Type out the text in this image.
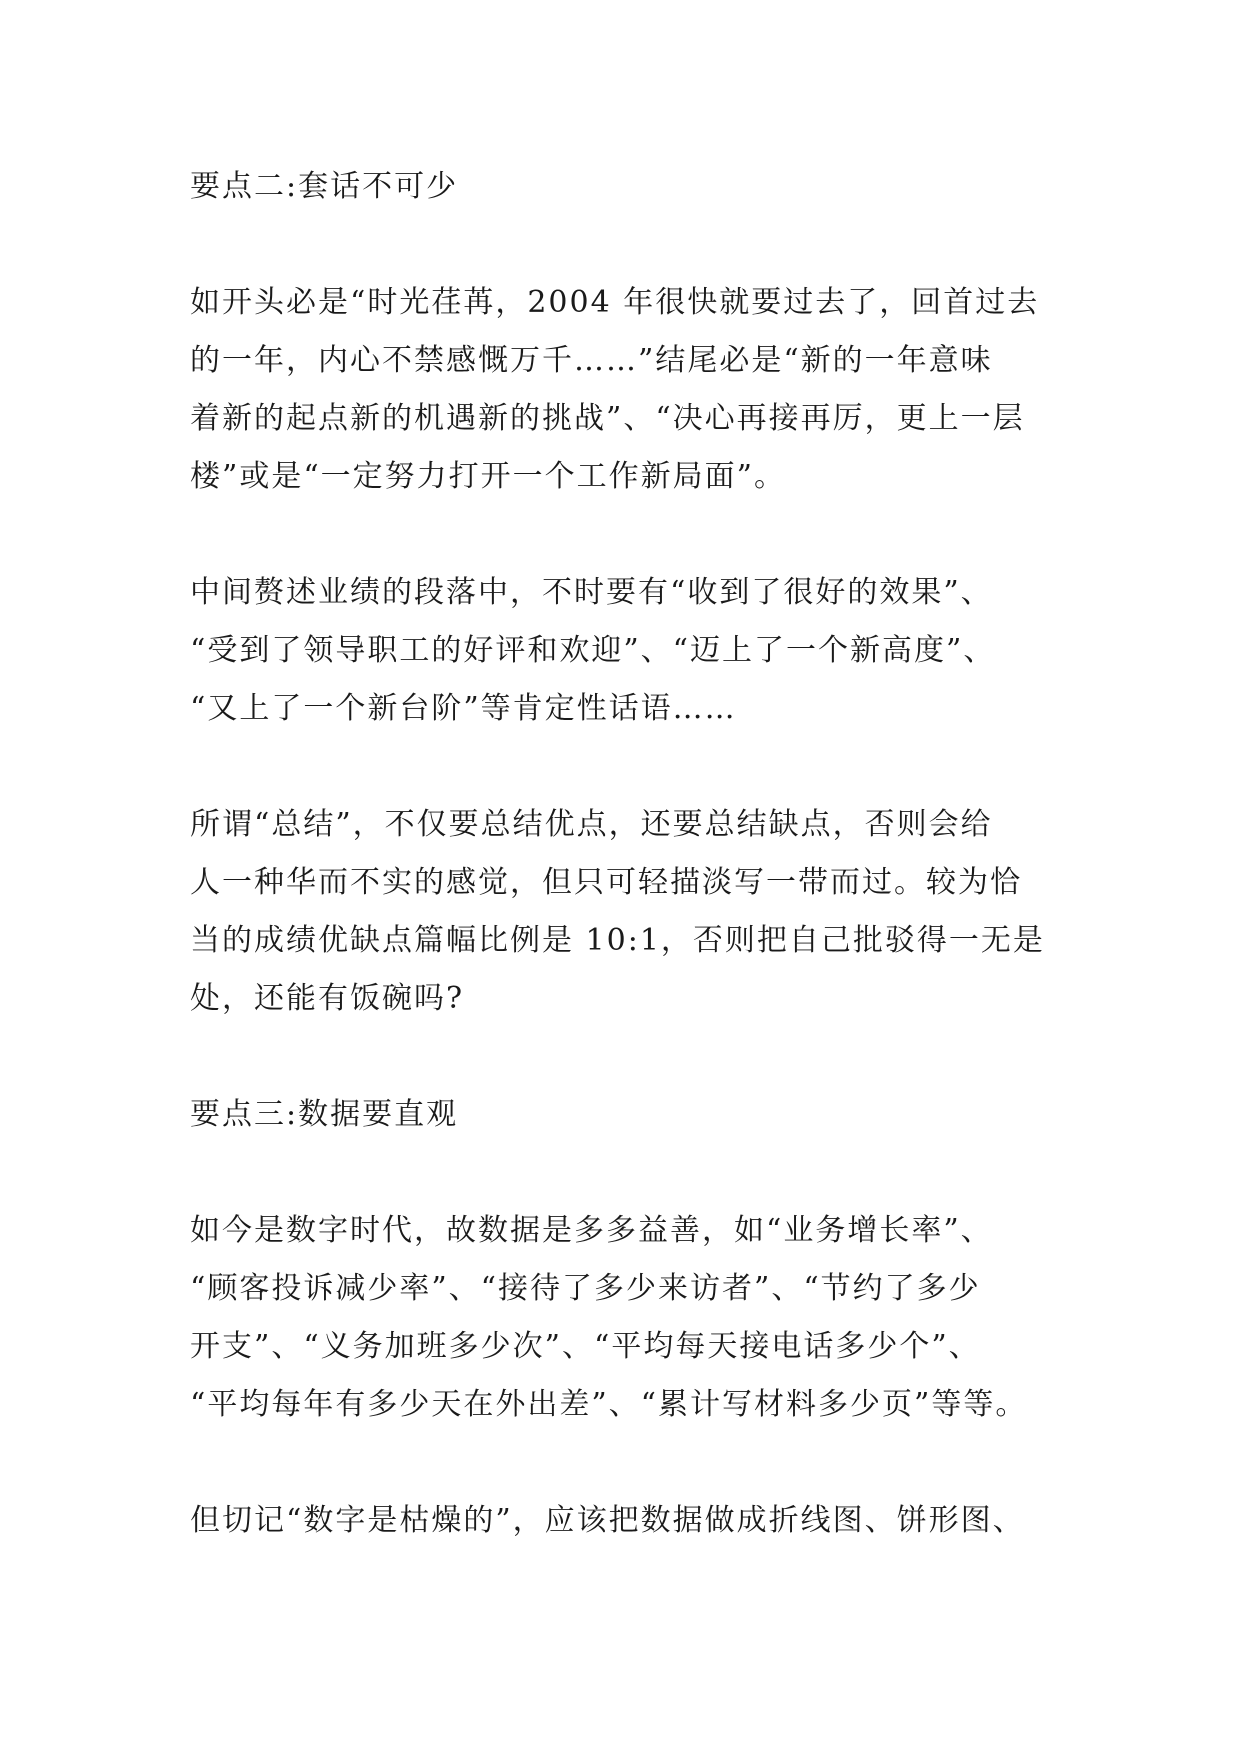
要点二:套话不可少
如开头必是“时光荏苒，2004 年很快就要过去了，回首过去
的一年，内心不禁感慨万千……”结尾必是“新的一年意味
着新的起点新的机遇新的挑战”、“决心再接再厉，更上一层
楼”或是“一定努力打开一个工作新局面”。
中间赘述业绩的段落中，不时要有“收到了很好的效果”、
“受到了领导职工的好评和欢迎”、“迈上了一个新高度”、
“又上了一个新台阶”等肯定性话语……
所谓“总结”，不仅要总结优点，还要总结缺点，否则会给
人一种华而不实的感觉，但只可轻描淡写一带而过。较为恰
当的成绩优缺点篇幅比例是 10:1，否则把自己批驳得一无是
处，还能有饭碗吗?
要点三:数据要直观
如今是数字时代，故数据是多多益善，如“业务增长率”、
“顾客投诉减少率”、“接待了多少来访者”、“节约了多少
开支”、“义务加班多少次”、“平均每天接电话多少个”、
“平均每年有多少天在外出差”、“累计写材料多少页”等等。
但切记“数字是枯燥的”，应该把数据做成折线图、饼形图、
